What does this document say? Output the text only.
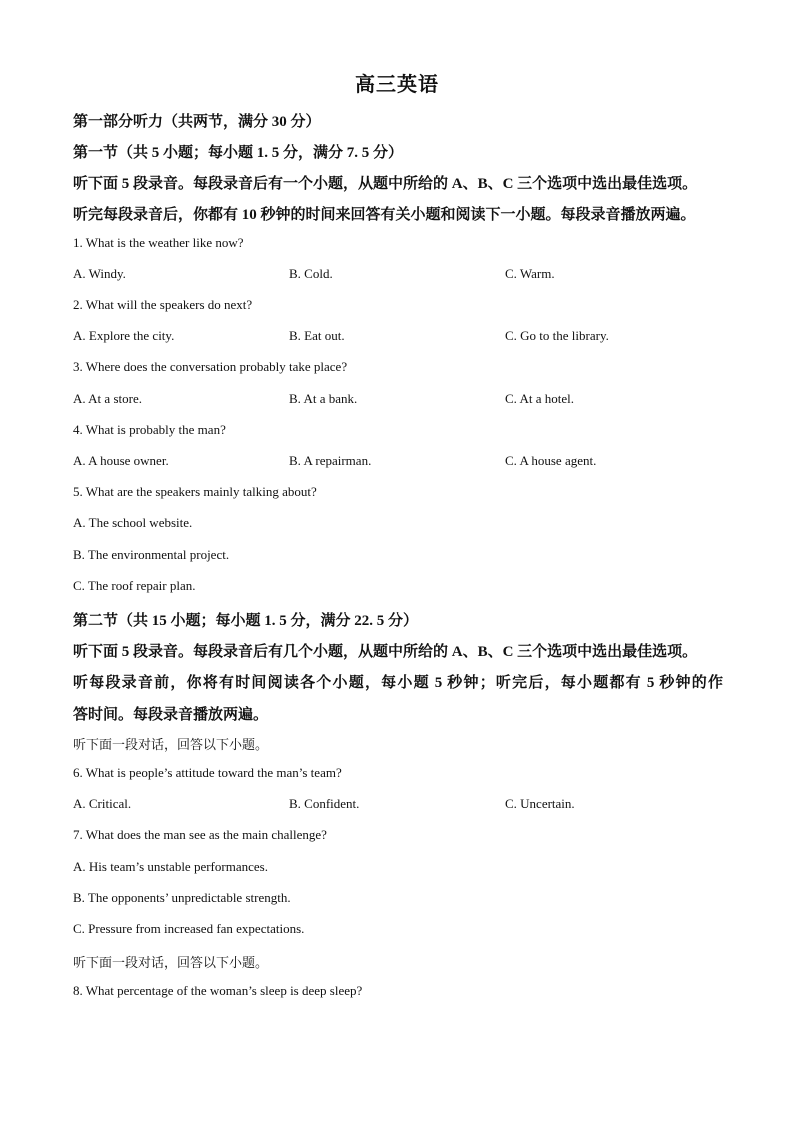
高三英语
第一部分听力（共两节，满分 30 分）
第一节（共 5 小题；每小题 1. 5 分，满分 7. 5 分）
听下面 5 段录音。每段录音后有一个小题，从题中所给的 A、B、C 三个选项中选出最佳选项。
听完每段录音后，你都有 10 秒钟的时间来回答有关小题和阅读下一小题。每段录音播放两遍。
1. What is the weather like now?
A. Windy.	B. Cold.	C. Warm.
2. What will the speakers do next?
A. Explore the city.	B. Eat out.	C. Go to the library.
3. Where does the conversation probably take place?
A. At a store.	B. At a bank.	C. At a hotel.
4. What is probably the man?
A. A house owner.	B. A repairman.	C. A house agent.
5. What are the speakers mainly talking about?
A. The school website.
B. The environmental project.
C. The roof repair plan.
第二节（共 15 小题；每小题 1. 5 分，满分 22. 5 分）
听下面 5 段录音。每段录音后有几个小题，从题中所给的 A、B、C 三个选项中选出最佳选项。
听每段录音前，你将有时间阅读各个小题，每小题 5 秒钟；听完后，每小题都有 5 秒钟的作
答时间。每段录音播放两遍。
听下面一段对话，回答以下小题。
6. What is people’s attitude toward the man’s team?
A. Critical.	B. Confident.	C. Uncertain.
7. What does the man see as the main challenge?
A. His team’s unstable performances.
B. The opponents’ unpredictable strength.
C. Pressure from increased fan expectations.
听下面一段对话，回答以下小题。
8. What percentage of the woman’s sleep is deep sleep?
